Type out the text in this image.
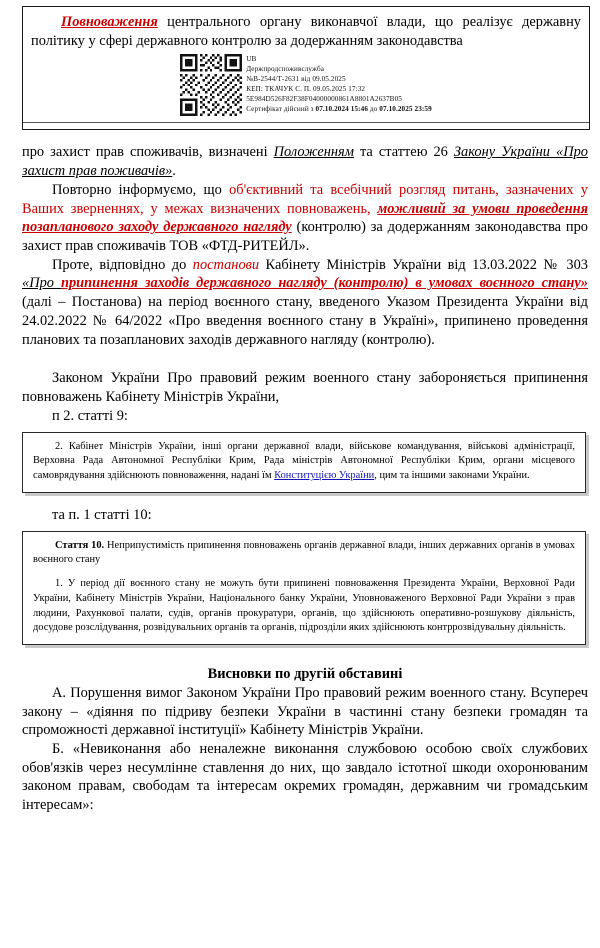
Повноваження центрального органу виконавчої влади, що реалізує державну політику у сфері державного контролю за додержанням законодавства

UB
Держпродспоживслужба
№В-2544/Т-2631 від 09.05.2025
КЕП: ТКАЧУК С. П. 09.05.2025 17:32
5E984D526F82F38F04000000861A8801A2637B05
Сертифікат дійсний з 07.10.2024 15:46 до 07.10.2025 23:59

про захист прав споживачів, визначені Положенням та статтею 26 Закону України «Про захист прав поживачів».

Повторно інформуємо, що об'єктивний та всебічний розгляд питань, зазначених у Ваших зверненнях, у межах визначених повноважень, можливий за умови проведення позапланового заходу державного нагляду (контролю) за додержанням законодавства про захист прав споживачів ТОВ «ФТД-РИТЕЙЛ».

Проте, відповідно до постанови Кабінету Міністрів України від 13.03.2022 № 303 «Про припинення заходів державного нагляду (контролю) в умовах воєнного стану» (далі – Постанова) на період воєнного стану, введеного Указом Президента України від 24.02.2022 № 64/2022 «Про введення воєнного стану в Україні», припинено проведення планових та позапланових заходів державного нагляду (контролю).

Законом України Про правовий режим военного стану забороняється припинення повноважень Кабінету Міністрів України,

п 2. статті 9:

2. Кабінет Міністрів України, інші органи державної влади, військове командування, військові адміністрації, Верховна Рада Автономної Республіки Крим, Рада міністрів Автономної Республіки Крим, органи місцевого самоврядування здійснюють повноваження, надані їм Конституцією України, цим та іншими законами України.

та п. 1 статті 10:

Стаття 10. Неприпустимість припинення повноважень органів державної влади, інших державних органів в умовах воєнного стану

1. У період дії воєнного стану не можуть бути припинені повноваження Президента України, Верховної Ради України, Кабінету Міністрів України, Національного банку України, Уповноваженого Верховної Ради України з прав людини, Рахункової палати, судів, органів прокуратури, органів, що здійснюють оперативно-розшукову діяльність, досудове розслідування, розвідувальних органів та органів, підрозділи яких здійснюють контррозвідувальну діяльність.

Висновки по другій обставині

А. Порушення вимог Законом України Про правовий режим военного стану. Всупереч закону – «діяння по підриву безпеки України в частинні стану безпеки громадян та спроможності державної інституції» Кабінету Міністрів України.

Б. «Невиконання або неналежне виконання службовою особою своїх службових обов'язків через несумлінне ставлення до них, що завдало істотної шкоди охоронюваним законом правам, свободам та інтересам окремих громадян, державним чи громадським інтересам»:
